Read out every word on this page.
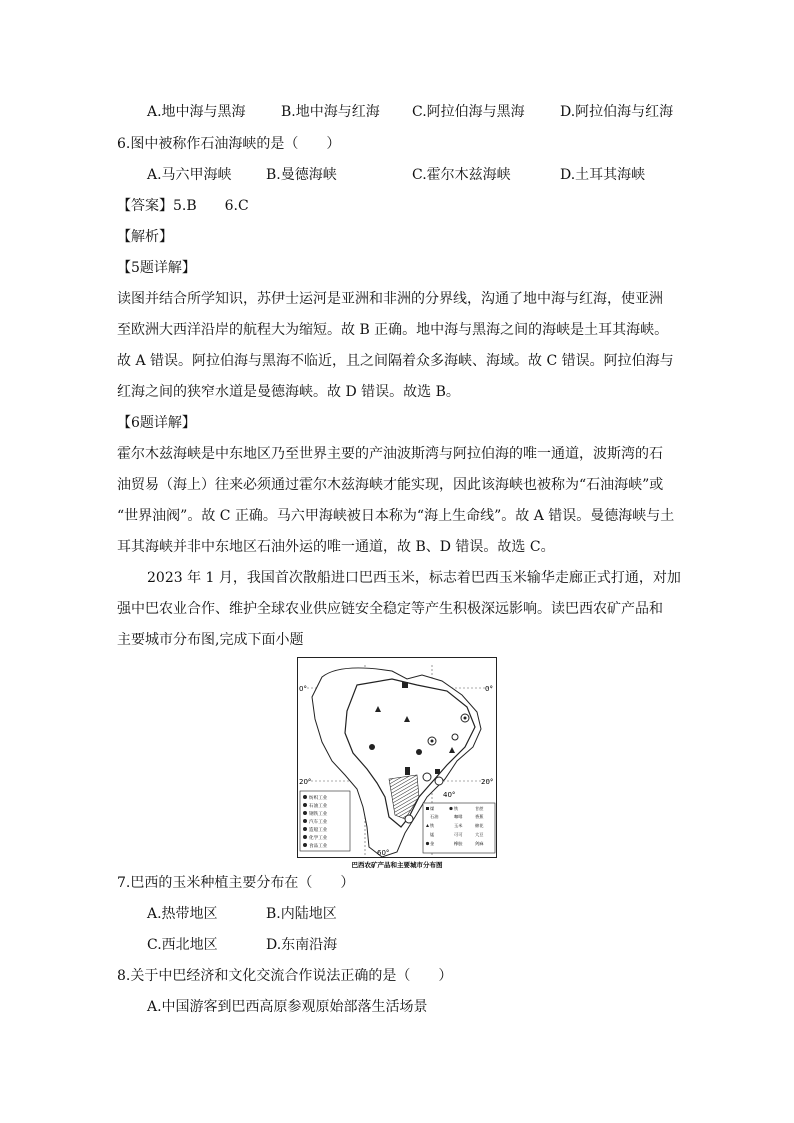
A.地中海与黑海	B.地中海与红海 C.阿拉伯海与黑海	D.阿拉伯海与红海
6.图中被称作石油海峡的是（　　）
A.马六甲海峡 B.曼德海峡	C.霍尔木兹海峡	D.土耳其海峡
【答案】5.B　　6.C
【解析】
【5题详解】
读图并结合所学知识，苏伊士运河是亚洲和非洲的分界线，沟通了地中海与红海，使亚洲
至欧洲大西洋沿岸的航程大为缩短。故 B 正确。地中海与黑海之间的海峡是土耳其海峡。
故 A 错误。阿拉伯海与黑海不临近，且之间隔着众多海峡、海域。故 C 错误。阿拉伯海与
红海之间的狭窄水道是曼德海峡。故 D 错误。故选 B。
【6题详解】
霍尔木兹海峡是中东地区乃至世界主要的产油波斯湾与阿拉伯海的唯一通道，波斯湾的石
油贸易（海上）往来必须通过霍尔木兹海峡才能实现，因此该海峡也被称为“石油海峡”或
“世界油阀”。故 C 正确。马六甲海峡被日本称为“海上生命线”。故 A 错误。曼德海峡与土
耳其海峡并非中东地区石油外运的唯一通道，故 B、D 错误。故选 C。
2023 年 1 月，我国首次散船进口巴西玉米，标志着巴西玉米输华走廊正式打通，对加
强中巴农业合作、维护全球农业供应链安全稳定等产生积极深远影响。读巴西农矿产品和
主要城市分布图,完成下面小题
0°	0°
20°	20°
40°
60°
纺织工业
石油工业
钢铁工业
汽车工业
造船工业
化学工业
食品工业
煤	铁	甘蔗
石油	咖啡	香蕉
铁	玉米	棉花
锰	可可	大豆
金	橡胶	剑麻
巴西农矿产品和主要城市分布图
7.巴西的玉米种植主要分布在（　　）
A.热带地区	B.内陆地区
C.西北地区	D.东南沿海
8.关于中巴经济和文化交流合作说法正确的是（　　）
A.中国游客到巴西高原参观原始部落生活场景
